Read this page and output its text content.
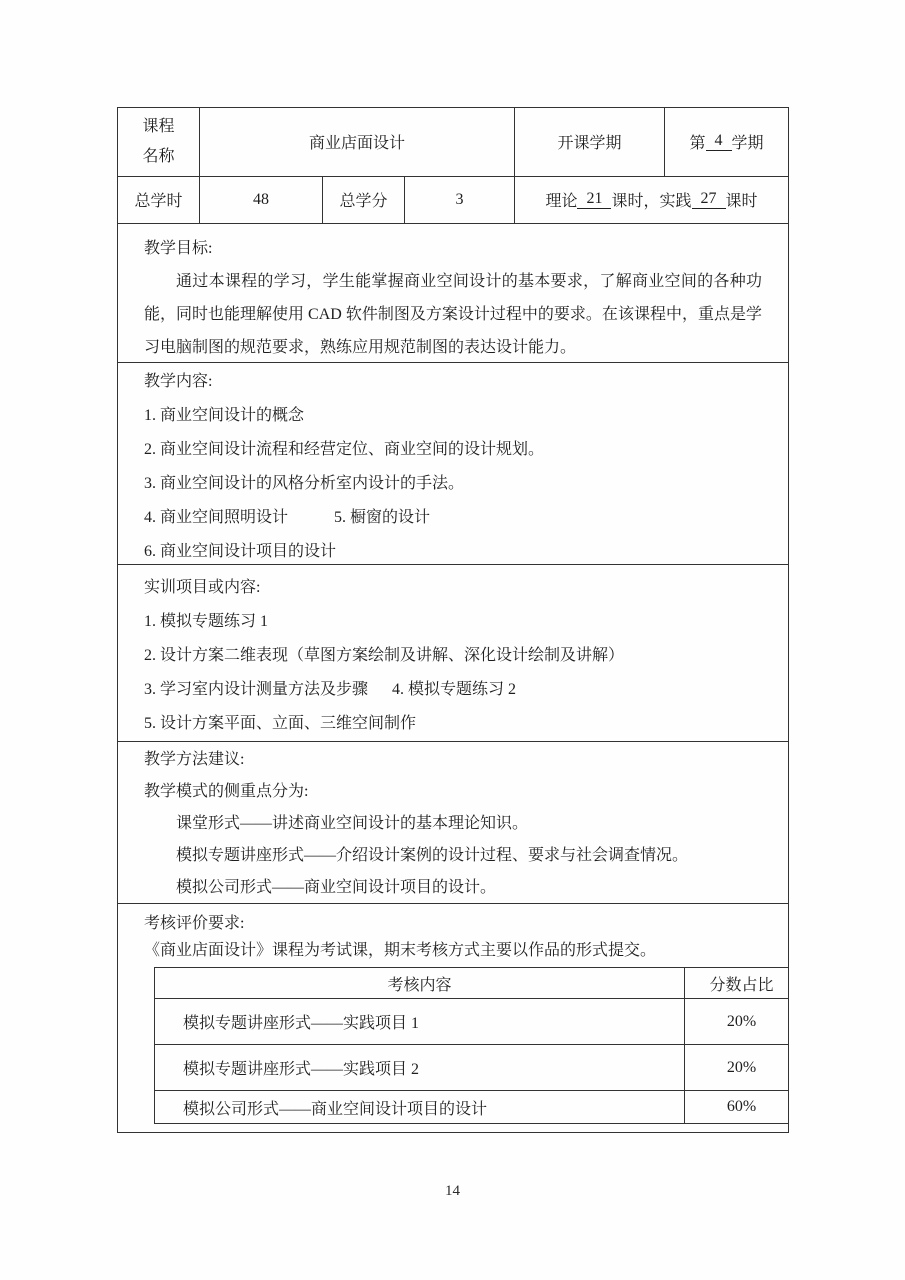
课程
名称
商业店面设计	开课学期	第 4 学期
总学时	48	总学分	3	理论 21 课时，实践 27 课时
教学目标:

通过本课程的学习，学生能掌握商业空间设计的基本要求，了解商业空间的各种功能，同时也能理解使用 CAD 软件制图及方案设计过程中的要求。在该课程中，重点是学习电脑制图的规范要求，熟练应用规范制图的表达设计能力。

教学内容:
1. 商业空间设计的概念
2. 商业空间设计流程和经营定位、商业空间的设计规划。
3. 商业空间设计的风格分析室内设计的手法。
4. 商业空间照明设计	5. 橱窗的设计
6. 商业空间设计项目的设计
实训项目或内容:
1. 模拟专题练习 1
2. 设计方案二维表现（草图方案绘制及讲解、深化设计绘制及讲解）
3. 学习室内设计测量方法及步骤 4. 模拟专题练习 2
5. 设计方案平面、立面、三维空间制作
教学方法建议:
教学模式的侧重点分为:
课堂形式——讲述商业空间设计的基本理论知识。
模拟专题讲座形式——介绍设计案例的设计过程、要求与社会调查情况。
模拟公司形式——商业空间设计项目的设计。
考核评价要求:
《商业店面设计》课程为考试课，期末考核方式主要以作品的形式提交。
考核内容	分数占比
模拟专题讲座形式——实践项目 1	20%
模拟专题讲座形式——实践项目 2	20%
模拟公司形式——商业空间设计项目的设计	60%
14
